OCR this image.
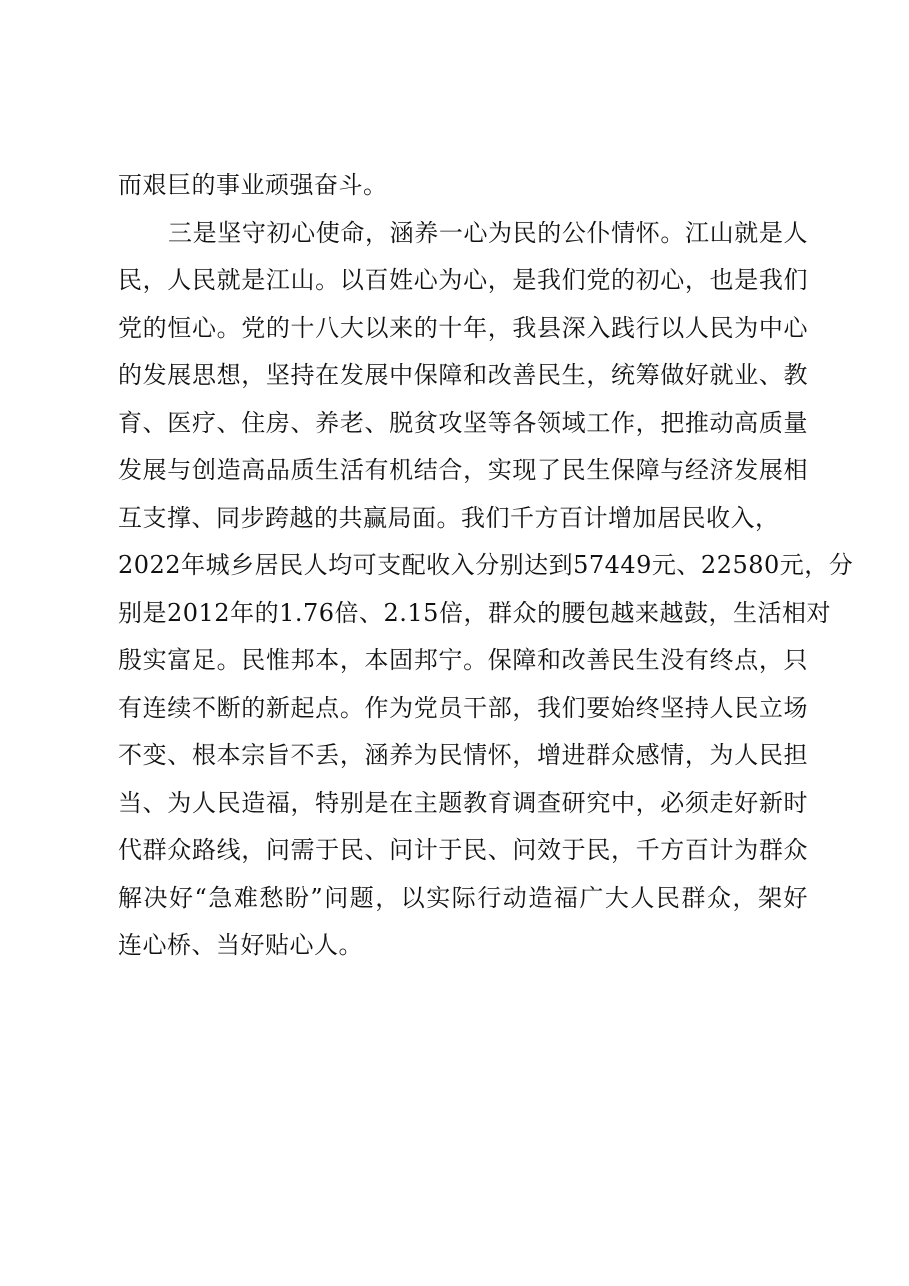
而艰巨的事业顽强奋斗。
三是坚守初心使命，涵养一心为民的公仆情怀。江山就是人
民，人民就是江山。以百姓心为心，是我们党的初心，也是我们
党的恒心。党的十八大以来的十年，我县深入践行以人民为中心
的发展思想，坚持在发展中保障和改善民生，统筹做好就业、教
育、医疗、住房、养老、脱贫攻坚等各领域工作，把推动高质量
发展与创造高品质生活有机结合，实现了民生保障与经济发展相
互支撑、同步跨越的共赢局面。我们千方百计增加居民收入，
2022年城乡居民人均可支配收入分别达到57449元、22580元，分
别是2012年的1.76倍、2.15倍，群众的腰包越来越鼓，生活相对
殷实富足。民惟邦本，本固邦宁。保障和改善民生没有终点，只
有连续不断的新起点。作为党员干部，我们要始终坚持人民立场
不变、根本宗旨不丢，涵养为民情怀，增进群众感情，为人民担
当、为人民造福，特别是在主题教育调查研究中，必须走好新时
代群众路线，问需于民、问计于民、问效于民，千方百计为群众
解决好“急难愁盼”问题，以实际行动造福广大人民群众，架好
连心桥、当好贴心人。
